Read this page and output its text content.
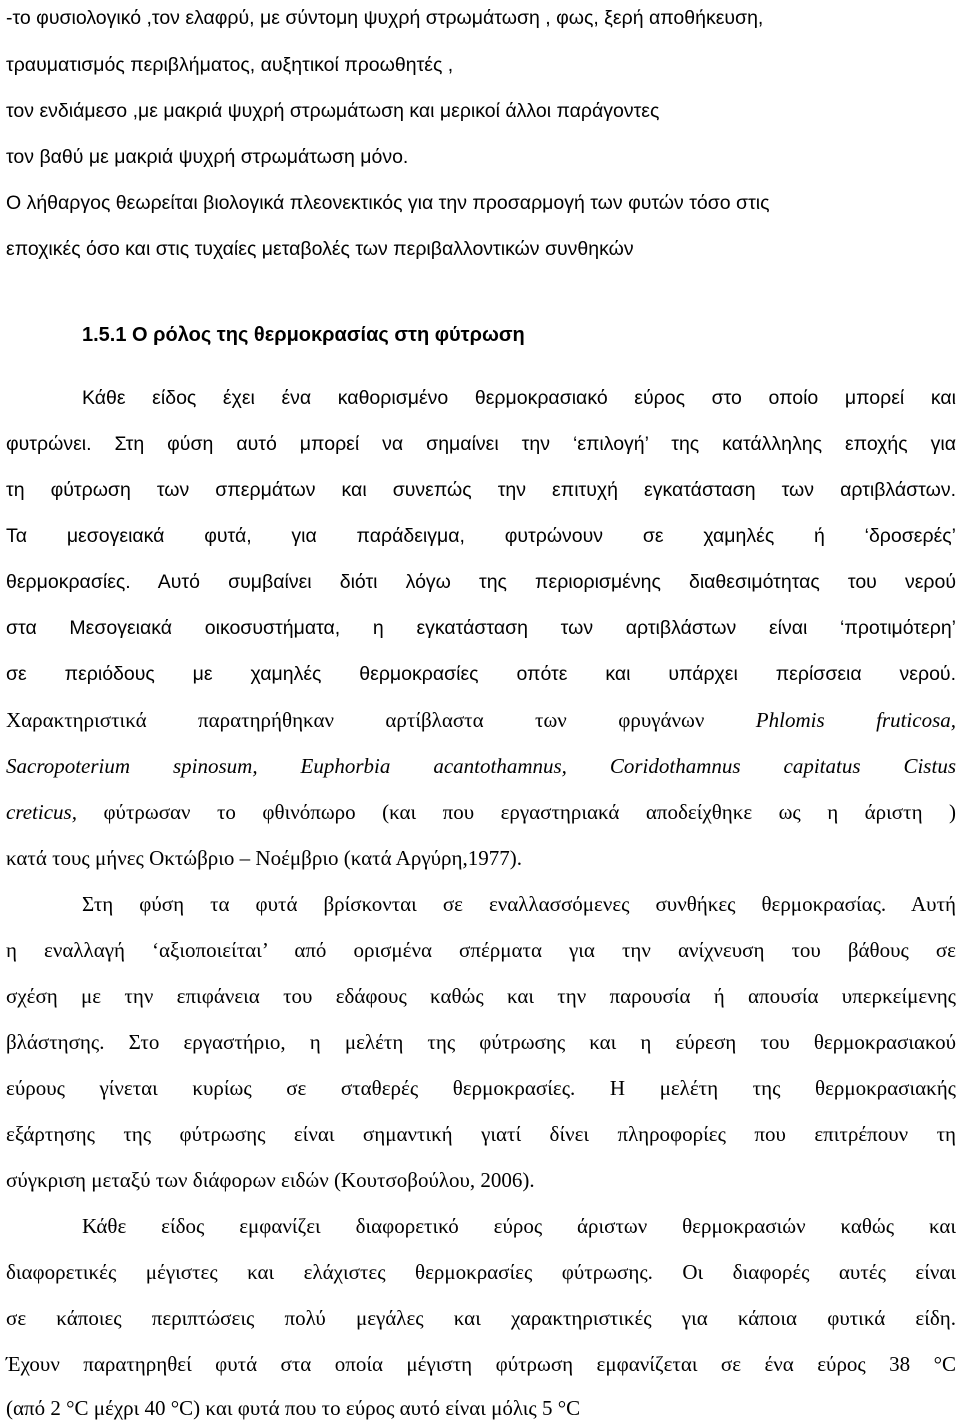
-το φυσιολογικό ,τον ελαφρύ, με σύντομη ψυχρή στρωμάτωση , φως, ξερή αποθήκευση,
τραυματισμός περιβλήματος, αυξητικοί προωθητές ,
τον ενδιάμεσο ,με μακριά ψυχρή στρωμάτωση και μερικοί άλλοι παράγοντες
τον βαθύ με μακριά ψυχρή στρωμάτωση μόνο.
Ο λήθαργος θεωρείται βιολογικά πλεονεκτικός για την προσαρμογή των φυτών τόσο στις
εποχικές όσο και στις τυχαίες μεταβολές των περιβαλλοντικών συνθηκών
1.5.1 Ο ρόλος της θερμοκρασίας στη φύτρωση
Κάθε είδος έχει ένα καθορισμένο θερμοκρασιακό εύρος στο οποίο μπορεί και
φυτρώνει. Στη φύση αυτό μπορεί να σημαίνει την ‘επιλογή’ της κατάλληλης εποχής για
τη φύτρωση των σπερμάτων και συνεπώς την επιτυχή εγκατάσταση των αρτιβλάστων.
Τα μεσογειακά φυτά, για παράδειγμα, φυτρώνουν σε χαμηλές ή ‘δροσερές’
θερμοκρασίες. Αυτό συμβαίνει διότι λόγω της περιορισμένης διαθεσιμότητας του νερού
στα Μεσογειακά οικοσυστήματα, η εγκατάσταση των αρτιβλάστων είναι ‘προτιμότερη’
σε περιόδους με χαμηλές θερμοκρασίες οπότε και υπάρχει περίσσεια νερού.
Χαρακτηριστικά παρατηρήθηκαν αρτίβλαστα των φρυγάνων Phlomis fruticosa,
Sacropoterium spinosum, Euphorbia acantothamnus, Coridothamnus capitatus Cistus
creticus, φύτρωσαν το φθινόπωρο (και που εργαστηριακά αποδείχθηκε ως η άριστη )
κατά τους μήνες Οκτώβριο – Νοέμβριο (κατά Αργύρη,1977).
Στη φύση τα φυτά βρίσκονται σε εναλλασσόμενες συνθήκες θερμοκρασίας. Αυτή
η εναλλαγή ‘αξιοποιείται’ από ορισμένα σπέρματα για την ανίχνευση του βάθους σε
σχέση με την επιφάνεια του εδάφους καθώς και την παρουσία ή απουσία υπερκείμενης
βλάστησης. Στο εργαστήριο, η μελέτη της φύτρωσης και η εύρεση του θερμοκρασιακού
εύρους γίνεται κυρίως σε σταθερές θερμοκρασίες. Η μελέτη της θερμοκρασιακής
εξάρτησης της φύτρωσης είναι σημαντική γιατί δίνει πληροφορίες που επιτρέπουν τη
σύγκριση μεταξύ των διάφορων ειδών (Κουτσοβούλου, 2006).
Κάθε είδος εμφανίζει διαφορετικό εύρος άριστων θερμοκρασιών καθώς και
διαφορετικές μέγιστες και ελάχιστες θερμοκρασίες φύτρωσης. Οι διαφορές αυτές είναι
σε κάποιες περιπτώσεις πολύ μεγάλες και χαρακτηριστικές για κάποια φυτικά είδη.
Έχουν παρατηρηθεί φυτά στα οποία μέγιστη φύτρωση εμφανίζεται σε ένα εύρος 38 °C
(από 2 °C μέχρι 40 °C) και φυτά που το εύρος αυτό είναι μόλις 5 °C
